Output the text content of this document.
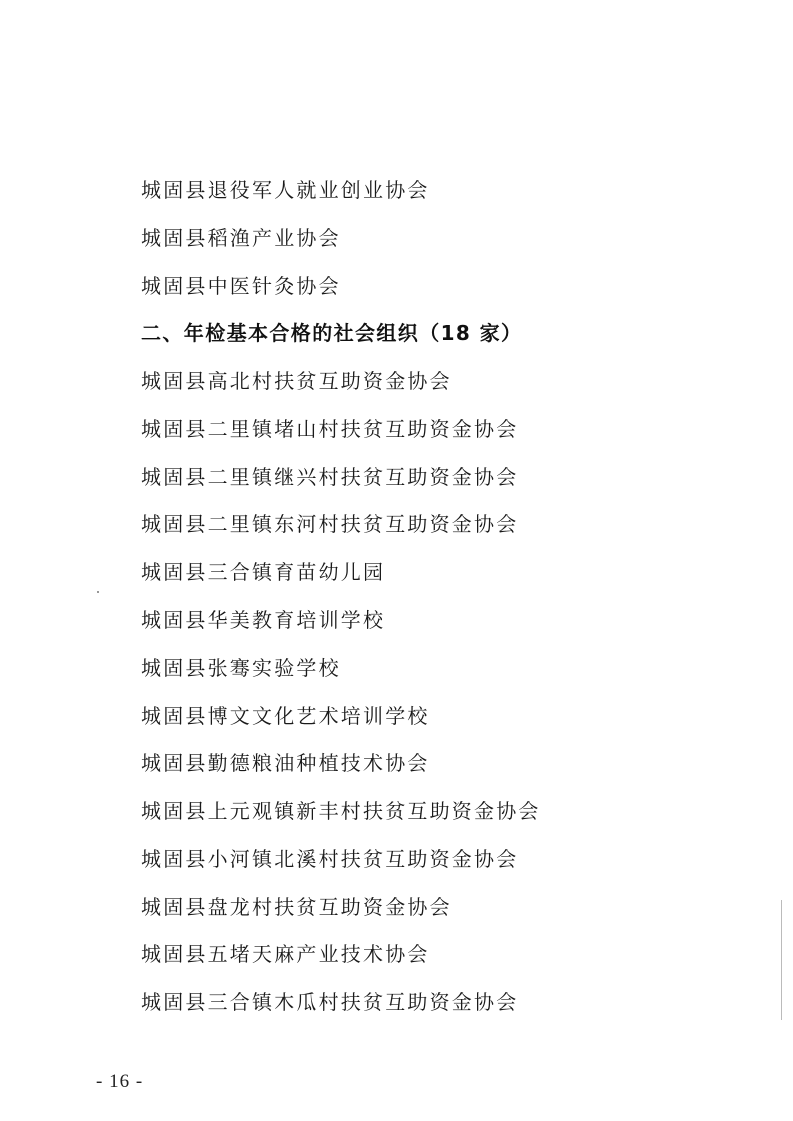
城固县退役军人就业创业协会
城固县稻渔产业协会
城固县中医针灸协会
二、年检基本合格的社会组织（18 家）
城固县高北村扶贫互助资金协会
城固县二里镇堵山村扶贫互助资金协会
城固县二里镇继兴村扶贫互助资金协会
城固县二里镇东河村扶贫互助资金协会
城固县三合镇育苗幼儿园
城固县华美教育培训学校
城固县张骞实验学校
城固县博文文化艺术培训学校
城固县勤德粮油种植技术协会
城固县上元观镇新丰村扶贫互助资金协会
城固县小河镇北溪村扶贫互助资金协会
城固县盘龙村扶贫互助资金协会
城固县五堵天麻产业技术协会
城固县三合镇木瓜村扶贫互助资金协会
- 16 -
